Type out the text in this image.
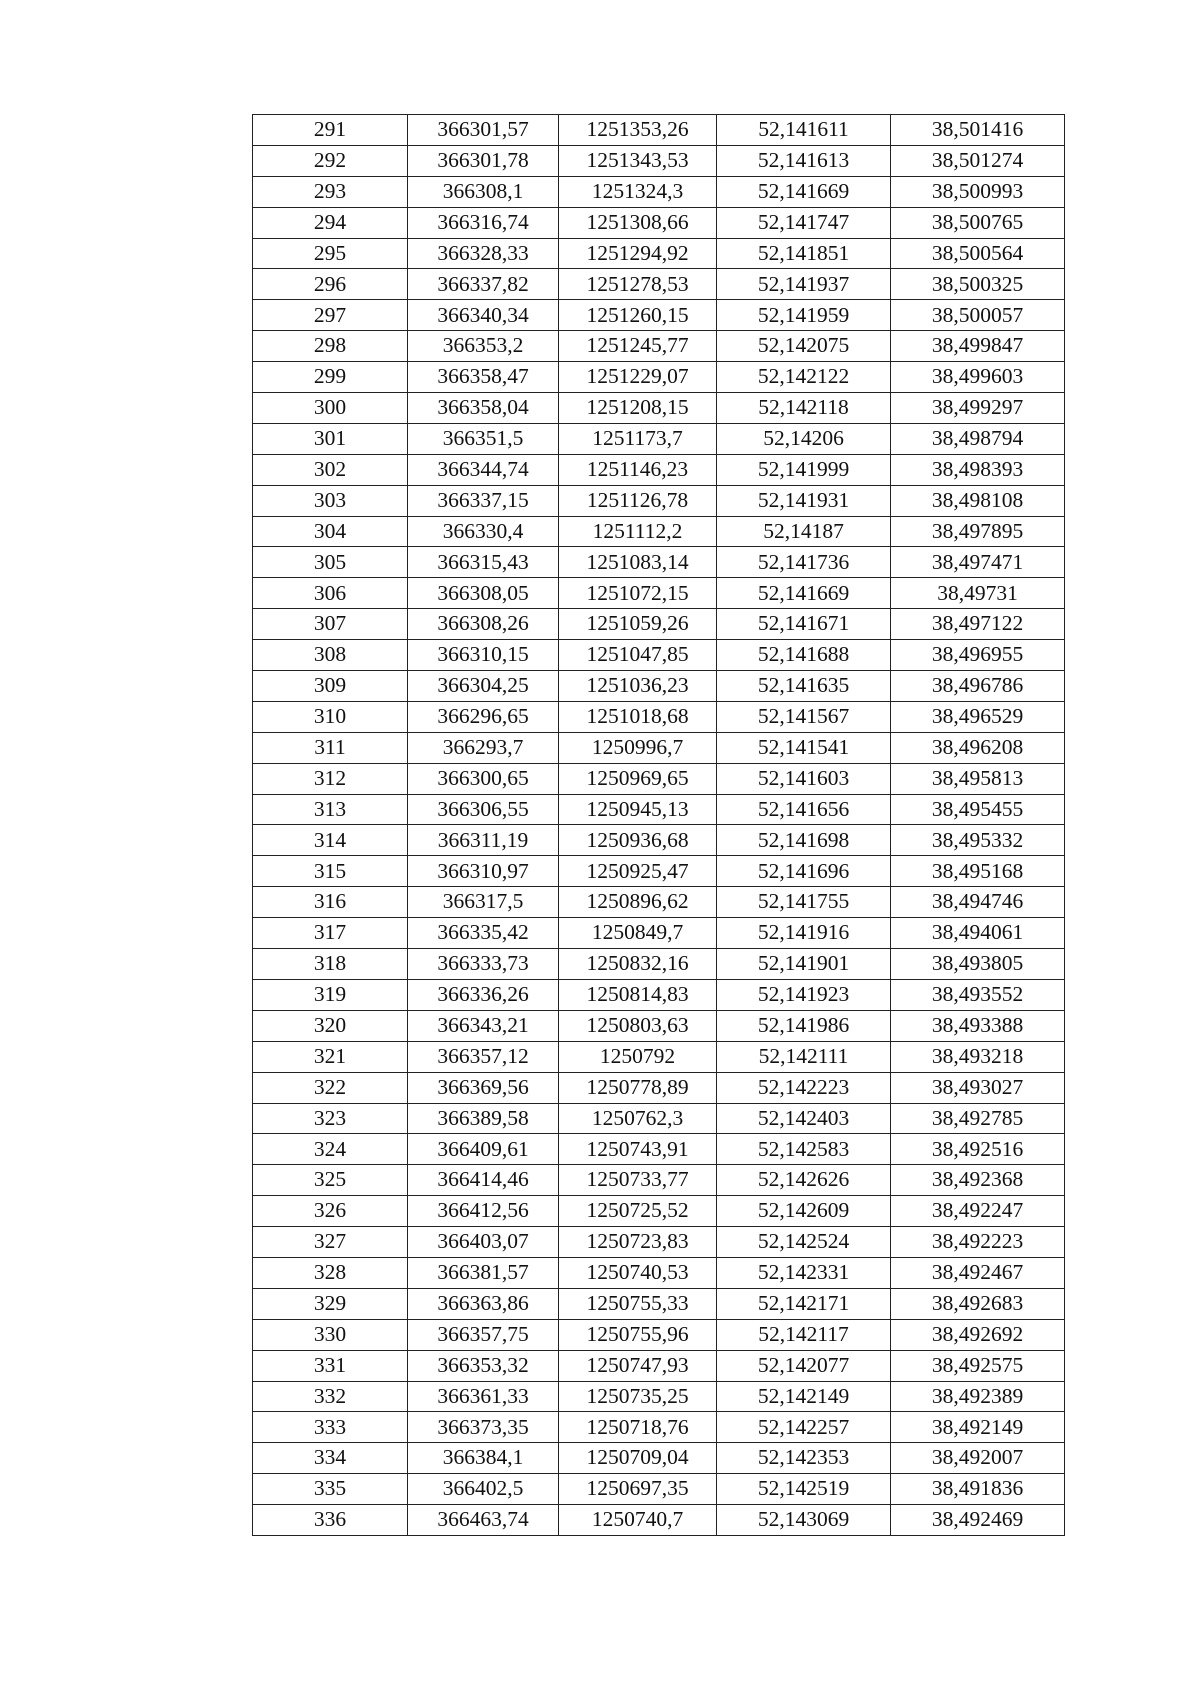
291	366301,57	1251353,26	52,141611	38,501416
292	366301,78	1251343,53	52,141613	38,501274
293	366308,1	1251324,3	52,141669	38,500993
294	366316,74	1251308,66	52,141747	38,500765
295	366328,33	1251294,92	52,141851	38,500564
296	366337,82	1251278,53	52,141937	38,500325
297	366340,34	1251260,15	52,141959	38,500057
298	366353,2	1251245,77	52,142075	38,499847
299	366358,47	1251229,07	52,142122	38,499603
300	366358,04	1251208,15	52,142118	38,499297
301	366351,5	1251173,7	52,14206	38,498794
302	366344,74	1251146,23	52,141999	38,498393
303	366337,15	1251126,78	52,141931	38,498108
304	366330,4	1251112,2	52,14187	38,497895
305	366315,43	1251083,14	52,141736	38,497471
306	366308,05	1251072,15	52,141669	38,49731
307	366308,26	1251059,26	52,141671	38,497122
308	366310,15	1251047,85	52,141688	38,496955
309	366304,25	1251036,23	52,141635	38,496786
310	366296,65	1251018,68	52,141567	38,496529
311	366293,7	1250996,7	52,141541	38,496208
312	366300,65	1250969,65	52,141603	38,495813
313	366306,55	1250945,13	52,141656	38,495455
314	366311,19	1250936,68	52,141698	38,495332
315	366310,97	1250925,47	52,141696	38,495168
316	366317,5	1250896,62	52,141755	38,494746
317	366335,42	1250849,7	52,141916	38,494061
318	366333,73	1250832,16	52,141901	38,493805
319	366336,26	1250814,83	52,141923	38,493552
320	366343,21	1250803,63	52,141986	38,493388
321	366357,12	1250792	52,142111	38,493218
322	366369,56	1250778,89	52,142223	38,493027
323	366389,58	1250762,3	52,142403	38,492785
324	366409,61	1250743,91	52,142583	38,492516
325	366414,46	1250733,77	52,142626	38,492368
326	366412,56	1250725,52	52,142609	38,492247
327	366403,07	1250723,83	52,142524	38,492223
328	366381,57	1250740,53	52,142331	38,492467
329	366363,86	1250755,33	52,142171	38,492683
330	366357,75	1250755,96	52,142117	38,492692
331	366353,32	1250747,93	52,142077	38,492575
332	366361,33	1250735,25	52,142149	38,492389
333	366373,35	1250718,76	52,142257	38,492149
334	366384,1	1250709,04	52,142353	38,492007
335	366402,5	1250697,35	52,142519	38,491836
336	366463,74	1250740,7	52,143069	38,492469
